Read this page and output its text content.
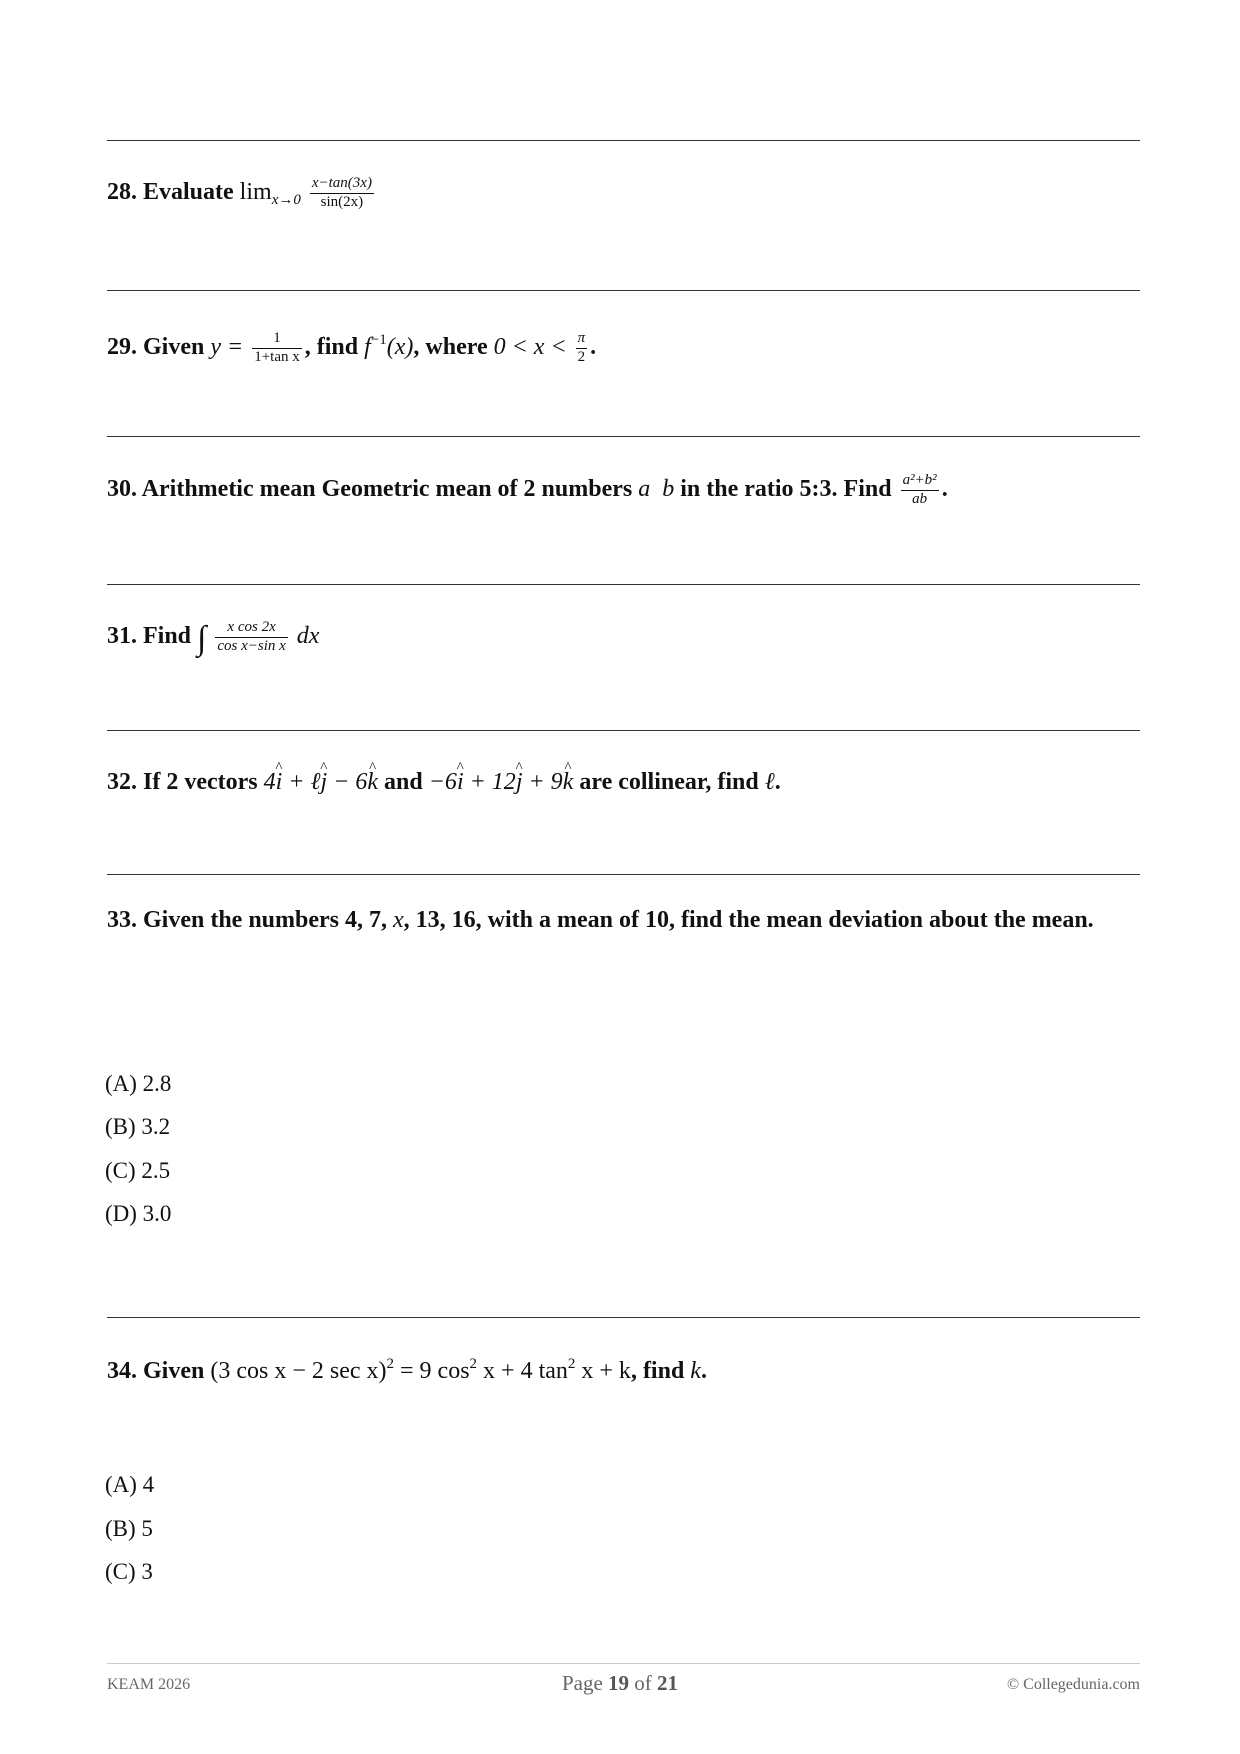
28. Evaluate $\lim_{x\to 0} \frac{x-\tan(3x)}{\sin(2x)}$
29. Given $y = \frac{1}{\text{1+tan x}}$ , find $f^{-1}(x)$, where $0 < x < \frac{\pi}{2}$ .
30. Arithmetic mean Geometric mean of 2 numbers a b in the ratio 5:3. Find $\frac{\text{a²+b²}}{ab}$ .
31. Find ∫ $\frac{\text{x cos 2x}}{\text{cos x−sin x}}$ dx
32. If 2 vectors 4i ^ + ℓj ^ − 6k ^ and −6i ^ + 12j ^ + 9k ^ are collinear, find ℓ.
33. Given the numbers 4, 7, x, 13, 16, with a mean of 10, find the mean deviation about the mean.
(A) 2.8
(B) 3.2
(C) 2.5
(D) 3.0
34. Given (3 cos x − 2 sec x)$^2$ = 9 $\cos^2 x + 4$ $\tan^2 x + k$, find k.
(A) 4
(B) 5
(C) 3
KEAM 2026	Page 19 of 21	© Collegedunia.com
